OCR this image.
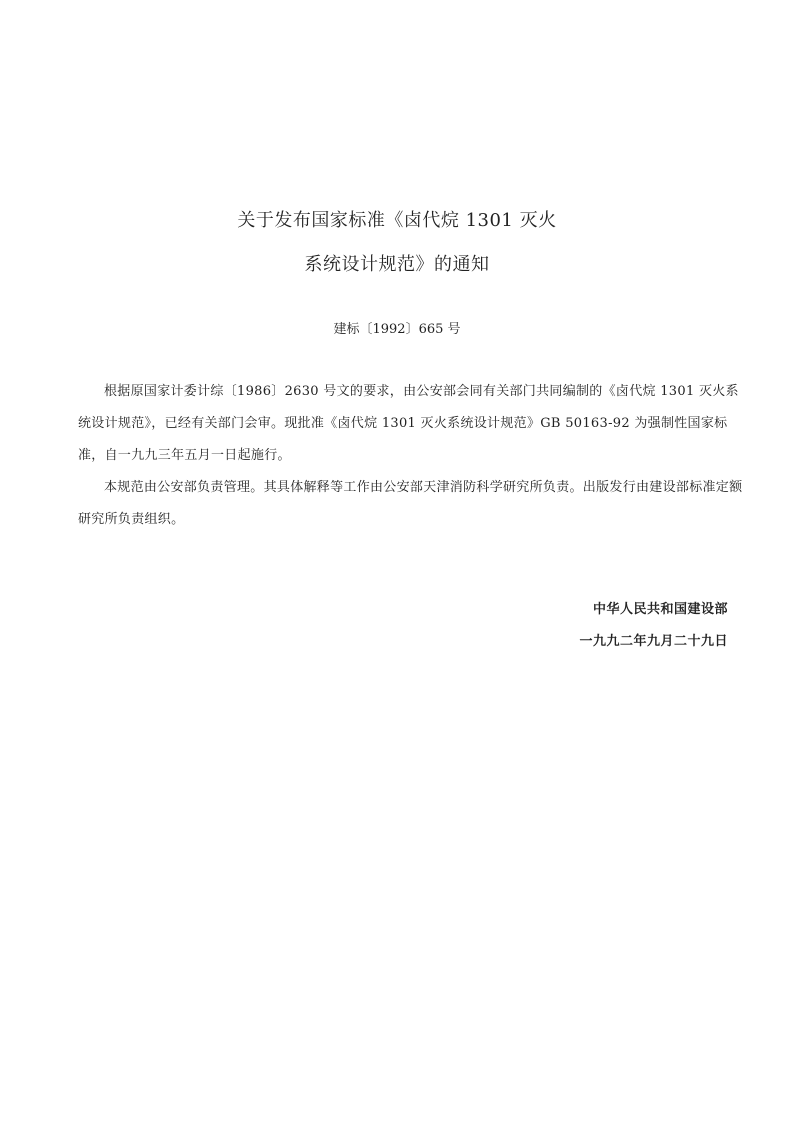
关于发布国家标准《卤代烷 1301 灭火
系统设计规范》的通知
建标〔1992〕665 号

根据原国家计委计综〔1986〕2630 号文的要求，由公安部会同有关部门共同编制的《卤代烷 1301 灭火系统设计规范》，已经有关部门会审。现批准《卤代烷 1301 灭火系统设计规范》GB 50163-92 为强制性国家标准，自一九九三年五月一日起施行。

本规范由公安部负责管理。其具体解释等工作由公安部天津消防科学研究所负责。出版发行由建设部标准定额研究所负责组织。

中华人民共和国建设部
一九九二年九月二十九日
